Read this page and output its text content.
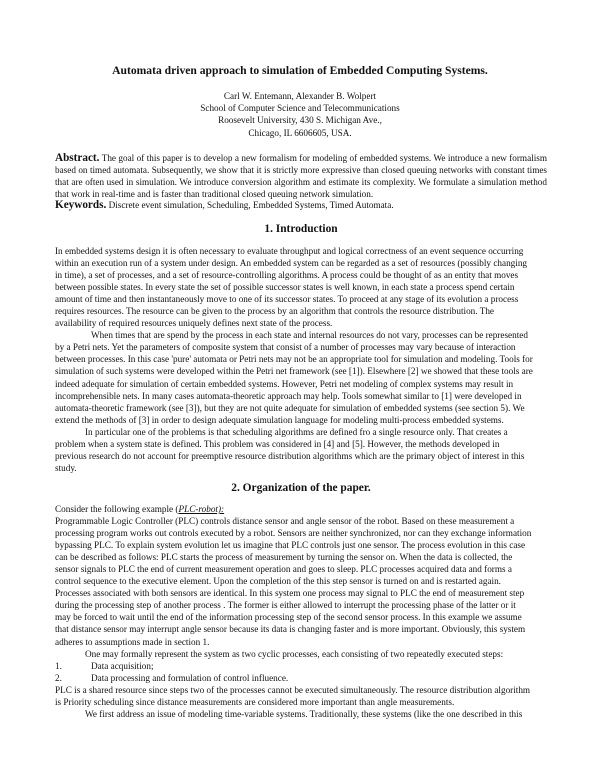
Automata driven approach to simulation of Embedded Computing Systems.
Carl W. Entemann, Alexander B. Wolpert
School of Computer Science and Telecommunications
Roosevelt University, 430 S. Michigan Ave.,
Chicago, IL 6606605, USA.
Abstract. The goal of this paper is to develop a new formalism for modeling of embedded systems. We introduce a new formalism based on timed automata. Subsequently, we show that it is strictly more expressive than closed queuing networks with constant times that are often used in simulation. We introduce conversion algorithm and estimate its complexity. We formulate a simulation method that work in real-time and is faster than traditional closed queuing network simulation.
Keywords. Discrete event simulation, Scheduling, Embedded Systems, Timed Automata.
1. Introduction
In embedded systems design it is often necessary to evaluate throughput and logical correctness of an event sequence occurring
within an execution run of a system under design. An embedded system can be regarded as a set of resources (possibly changing
in time), a set of processes, and a set of resource-controlling algorithms. A process could be thought of as an entity that moves
between possible states. In every state the set of possible successor states is well known, in each state a process spend certain
amount of time and then instantaneously move to one of its successor states. To proceed at any stage of its evolution a process
requires resources. The resource can be given to the process by an algorithm that controls the resource distribution. The
availability of required resources uniquely defines next state of the process.
When times that are spend by the process in each state and internal resources do not vary, processes can be represented
by a Petri nets. Yet the parameters of composite system that consist of a number of processes may vary because of interaction
between processes. In this case 'pure' automata or Petri nets may not be an appropriate tool for simulation and modeling. Tools for
simulation of such systems were developed within the Petri net framework (see [1]). Elsewhere [2] we showed that these tools are
indeed adequate for simulation of certain embedded systems. However, Petri net modeling of complex systems may result in
incomprehensible nets. In many cases automata-theoretic approach may help. Tools somewhat similar to [1] were developed in
automata-theoretic framework (see [3]), but they are not quite adequate for simulation of embedded systems (see section 5). We
extend the methods of [3] in order to design adequate simulation language for modeling multi-process embedded systems.
In particular one of the problems is that scheduling algorithms are defined fro a single resource only. That creates a
problem when a system state is defined. This problem was considered in [4] and [5]. However, the methods developed in
previous research do not account for preemptive resource distribution algorithms which are the primary object of interest in this
study.
2. Organization of the paper.
Consider the following example (PLC-robot):
Programmable Logic Controller (PLC) controls distance sensor and angle sensor of the robot. Based on these measurement a
processing program works out controls executed by a robot. Sensors are neither synchronized, nor can they exchange information
bypassing PLC. To explain system evolution let us imagine that PLC controls just one sensor. The process evolution in this case
can be described as follows: PLC starts the process of measurement by turning the sensor on. When the data is collected, the
sensor signals to PLC the end of current measurement operation and goes to sleep. PLC processes acquired data and forms a
control sequence to the executive element. Upon the completion of the this step sensor is turned on and is restarted again.
Processes associated with both sensors are identical. In this system one process may signal to PLC the end of measurement step
during the processing step of another process . The former is either allowed to interrupt the processing phase of the latter or it
may be forced to wait until the end of the information processing step of the second sensor process. In this example we assume
that distance sensor may interrupt angle sensor because its data is changing faster and is more important. Obviously, this system
adheres to assumptions made in section 1.
One may formally represent the system as two cyclic processes, each consisting of two repeatedly executed steps:
1.	Data acquisition;
2.	Data processing and formulation of control influence.
PLC is a shared resource since steps two of the processes cannot be executed simultaneously. The resource distribution algorithm
is Priority scheduling since distance measurements are considered more important than angle measurements.
We first address an issue of modeling time-variable systems. Traditionally, these systems (like the one described in this
